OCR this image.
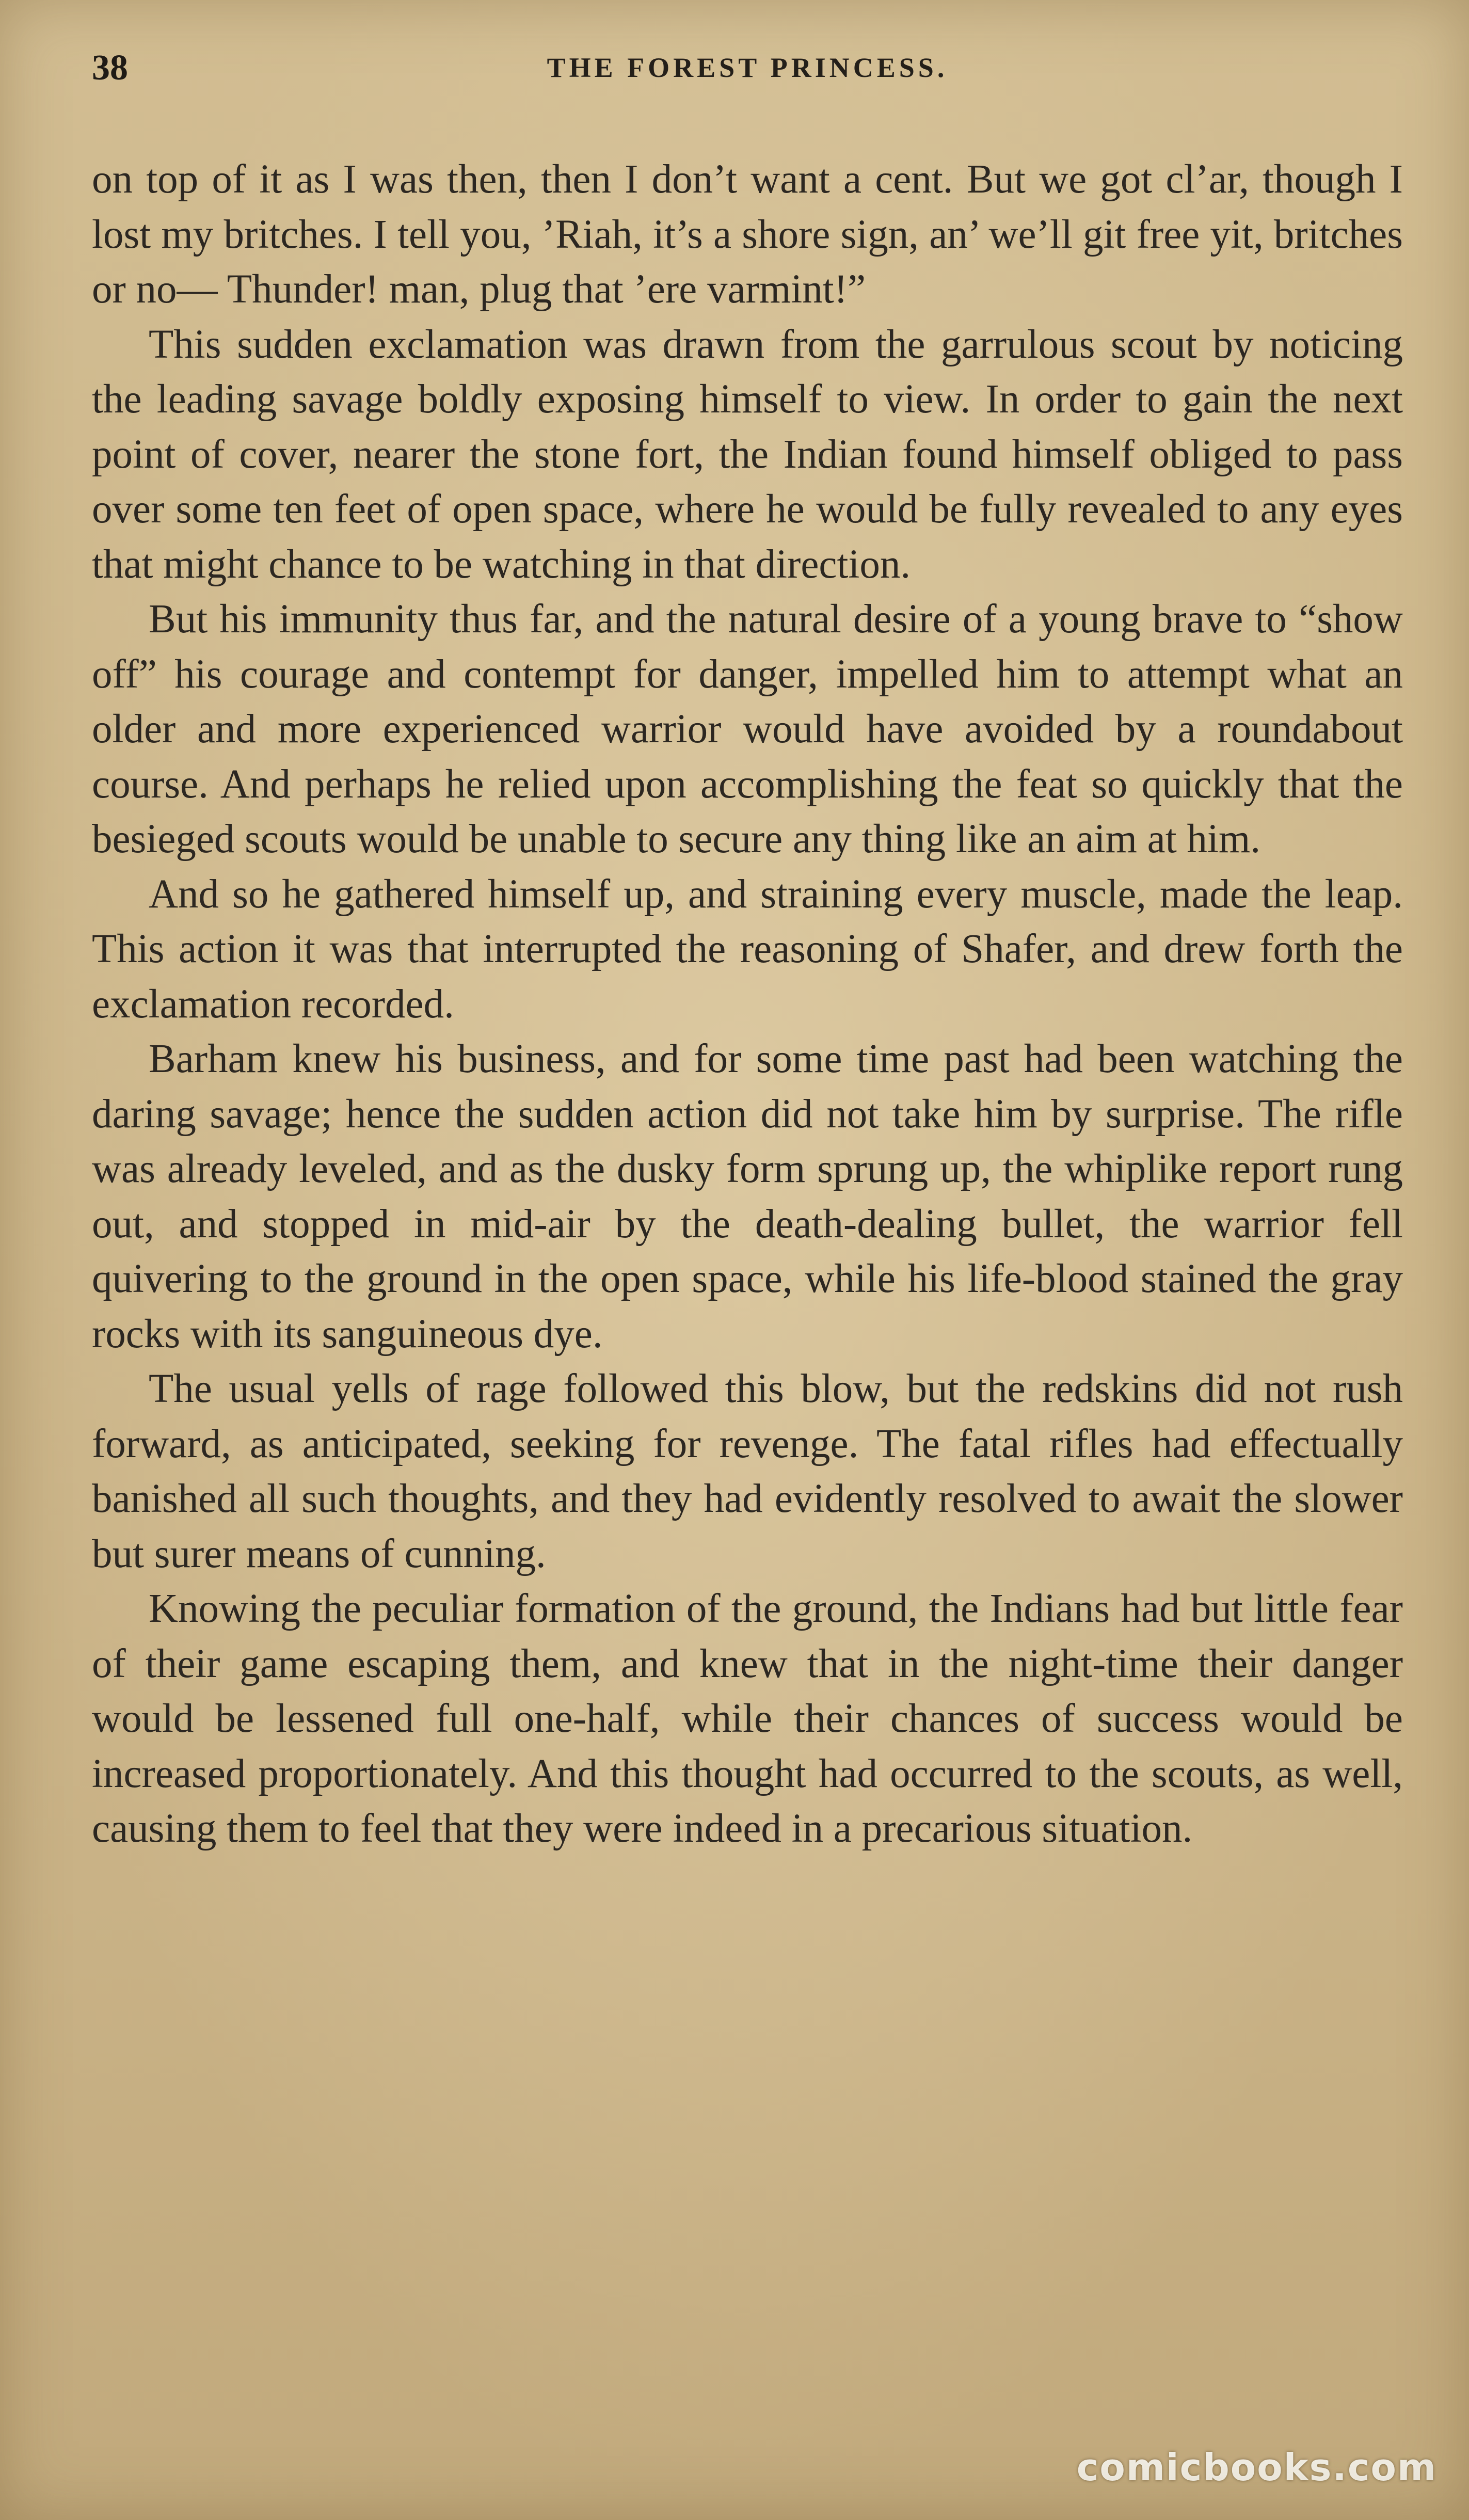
38	THE FOREST PRINCESS.

on top of it as I was then, then I don’t want a cent. But we got cl’ar, though I lost my britches. I tell you, ’Riah, it’s a shore sign, an’ we’ll git free yit, britches or no— Thunder! man, plug that ’ere varmint!”

This sudden exclamation was drawn from the garrulous scout by noticing the leading savage boldly exposing himself to view. In order to gain the next point of cover, nearer the stone fort, the Indian found himself obliged to pass over some ten feet of open space, where he would be fully revealed to any eyes that might chance to be watching in that direction.

But his immunity thus far, and the natural desire of a young brave to “show off” his courage and contempt for danger, impelled him to attempt what an older and more experienced warrior would have avoided by a roundabout course. And perhaps he relied upon accomplishing the feat so quickly that the besieged scouts would be unable to secure any thing like an aim at him.

And so he gathered himself up, and straining every muscle, made the leap. This action it was that interrupted the reasoning of Shafer, and drew forth the exclamation recorded.

Barham knew his business, and for some time past had been watching the daring savage; hence the sudden action did not take him by surprise. The rifle was already leveled, and as the dusky form sprung up, the whiplike report rung out, and stopped in mid-air by the death-dealing bullet, the warrior fell quivering to the ground in the open space, while his life-blood stained the gray rocks with its sanguineous dye.

The usual yells of rage followed this blow, but the redskins did not rush forward, as anticipated, seeking for revenge. The fatal rifles had effectually banished all such thoughts, and they had evidently resolved to await the slower but surer means of cunning.

Knowing the peculiar formation of the ground, the Indians had but little fear of their game escaping them, and knew that in the night-time their danger would be lessened full one-half, while their chances of success would be increased proportionately. And this thought had occurred to the scouts, as well, causing them to feel that they were indeed in a precarious situation.

comicbooks.com
